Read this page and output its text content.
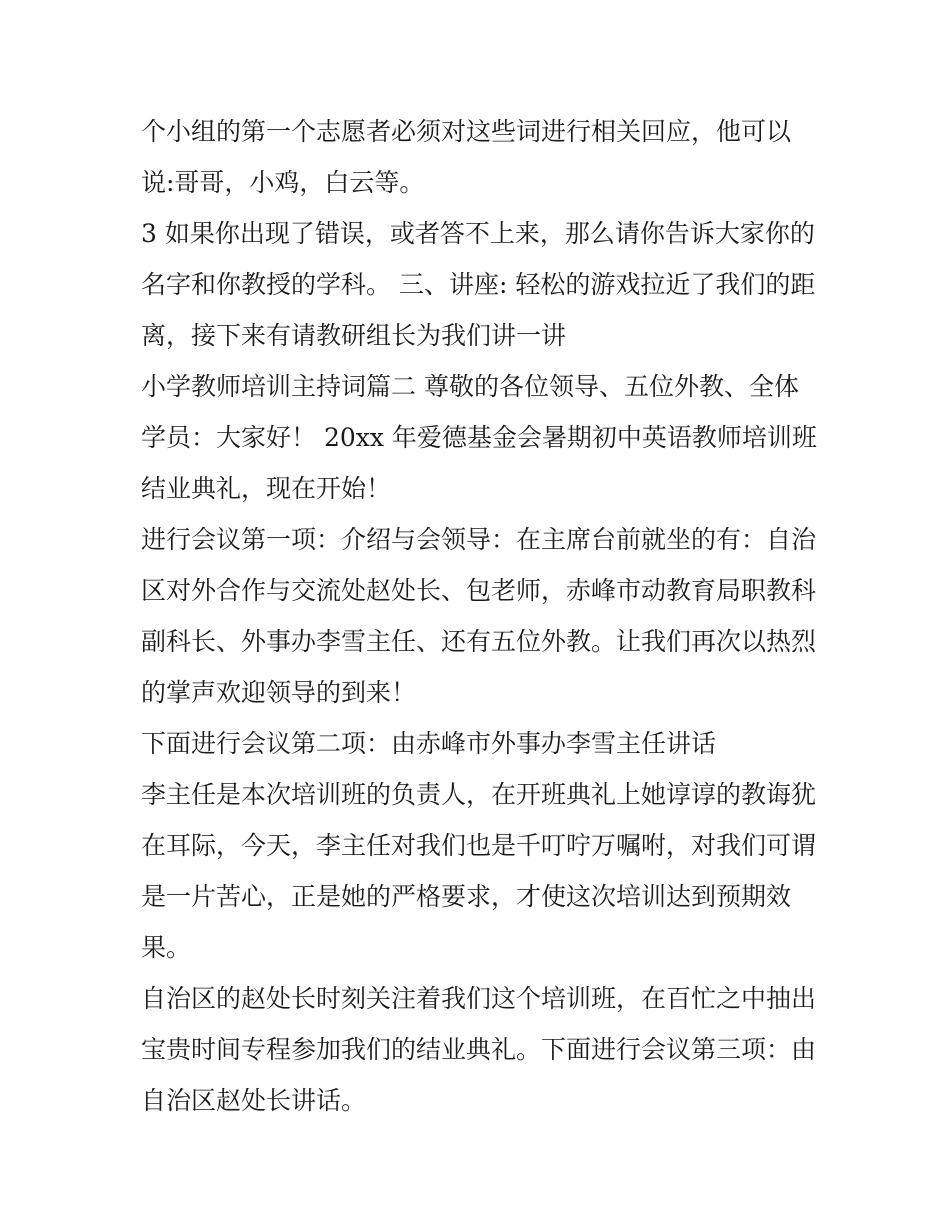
个小组的第一个志愿者必须对这些词进行相关回应，他可以
说:哥哥，小鸡，白云等。
3 如果你出现了错误，或者答不上来，那么请你告诉大家你的
名字和你教授的学科。 三、讲座: 轻松的游戏拉近了我们的距
离，接下来有请教研组长为我们讲一讲
小学教师培训主持词篇二 尊敬的各位领导、五位外教、全体
学员：大家好！ 20xx 年爱德基金会暑期初中英语教师培训班
结业典礼，现在开始！
进行会议第一项：介绍与会领导：在主席台前就坐的有：自治
区对外合作与交流处赵处长、包老师，赤峰市动教育局职教科
副科长、外事办李雪主任、还有五位外教。让我们再次以热烈
的掌声欢迎领导的到来！
下面进行会议第二项：由赤峰市外事办李雪主任讲话
李主任是本次培训班的负责人，在开班典礼上她谆谆的教诲犹
在耳际，今天，李主任对我们也是千叮咛万嘱咐，对我们可谓
是一片苦心，正是她的严格要求，才使这次培训达到预期效
果。
自治区的赵处长时刻关注着我们这个培训班，在百忙之中抽出
宝贵时间专程参加我们的结业典礼。下面进行会议第三项：由
自治区赵处长讲话。
